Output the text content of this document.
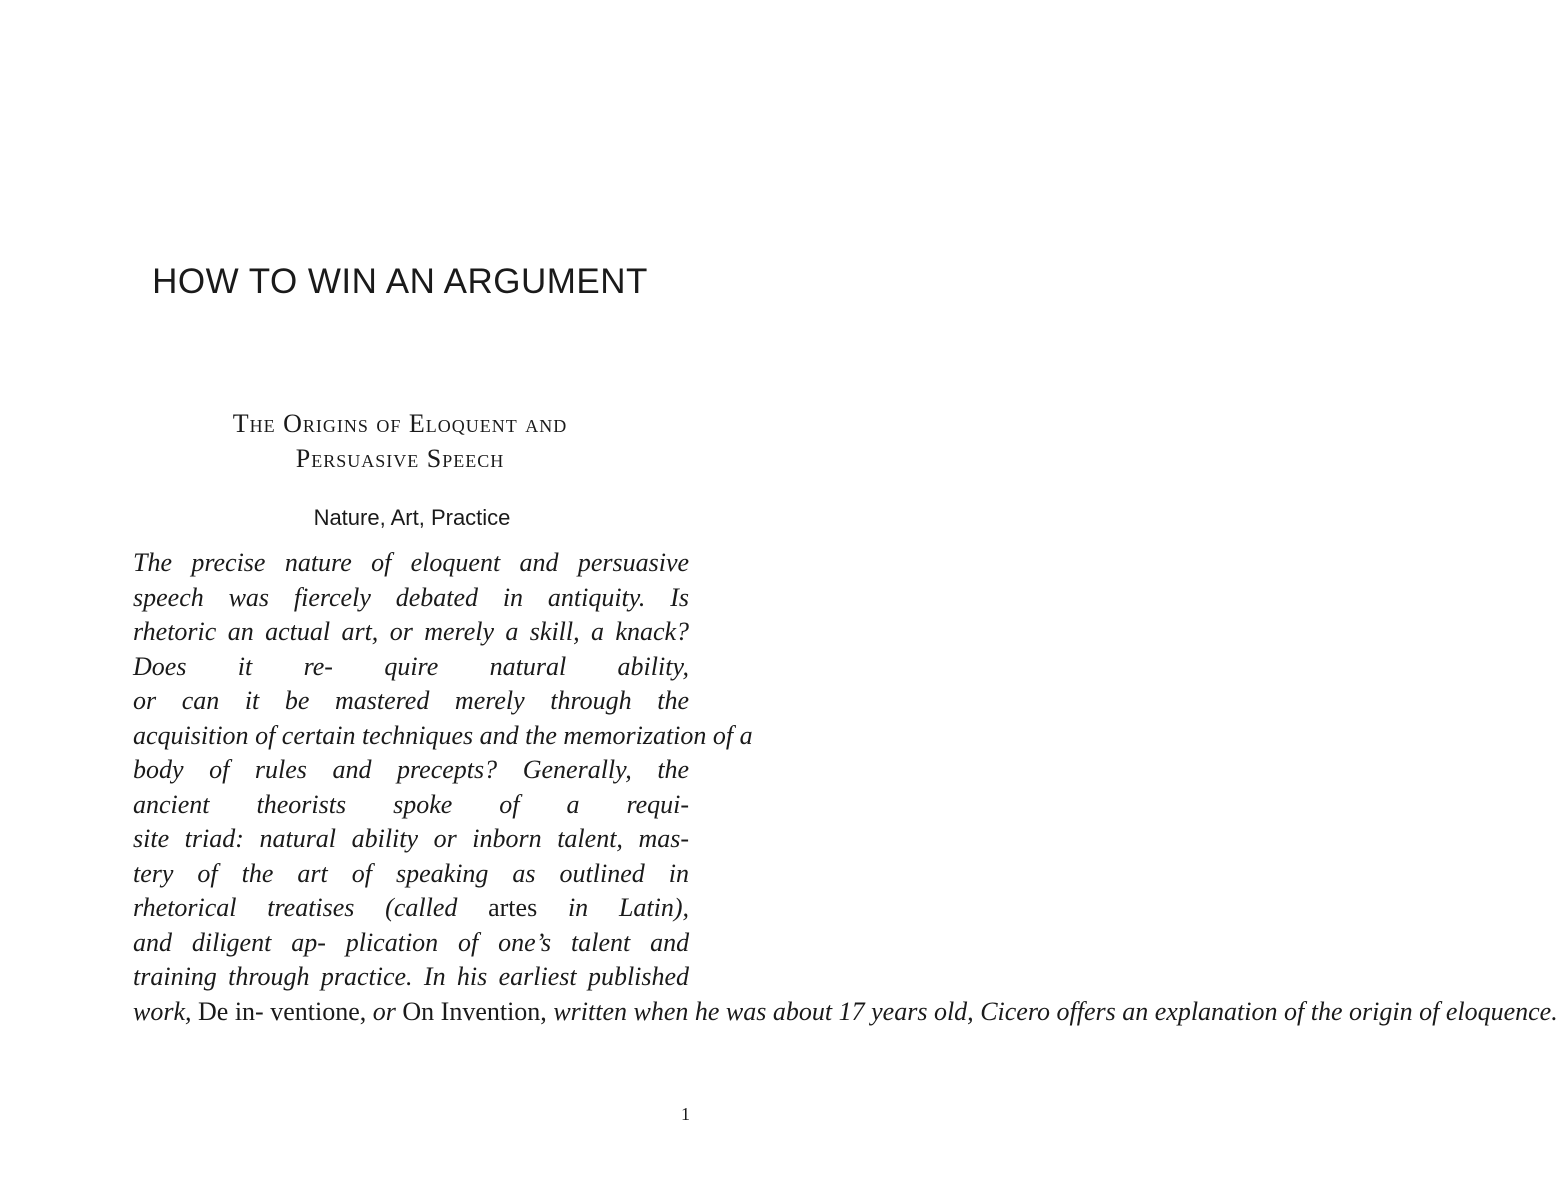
HOW TO WIN AN ARGUMENT
The Origins of Eloquent and
Persuasive Speech
Nature, Art, Practice

The precise nature of eloquent and persuasive
speech was fiercely debated in antiquity. Is
rhetoric an actual art, or merely a skill, a knack?
Does it re- quire natural ability,
or can it be mastered merely through the
acquisition of certain techniques and the memorization of a
body of rules and precepts? Generally, the
ancient theorists spoke of a requi-
site triad: natural ability or inborn talent, mas-
tery of the art of speaking as outlined in
rhetorical treatises (called artes in Latin),
and diligent ap- plication of one’s talent and
training through practice. In his earliest published
work, De in- ventione, or On Invention, written when he was about 17 years old, Cicero offers an explanation of the origin of eloquence.

1
